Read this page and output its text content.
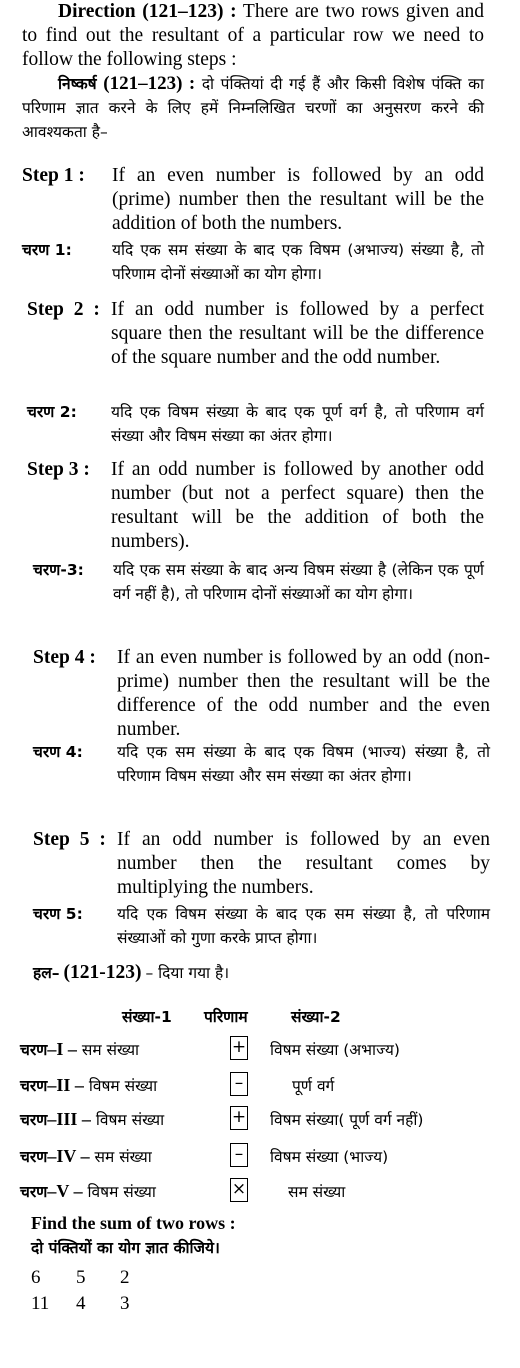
Direction (121–123) : There are two rows given and to find out the resultant of a particular row we need to follow the following steps :

निष्कर्ष (121–123) : दो पंक्तियां दी गई हैं और किसी विशेष पंक्ति का परिणाम ज्ञात करने के लिए हमें निम्नलिखित चरणों का अनुसरण करने की आवश्यकता है–

Step 1 : If an even number is followed by an odd (prime) number then the resultant will be the addition of both the numbers.
चरण 1:	यदि एक सम संख्या के बाद एक विषम (अभाज्य) संख्या है, तो परिणाम दोनों संख्याओं का योग होगा।
Step 2 : If an odd number is followed by a perfect square then the resultant will be the difference of the square number and the odd number.
चरण 2: यदि एक विषम संख्या के बाद एक पूर्ण वर्ग है, तो परिणाम वर्ग संख्या और विषम संख्या का अंतर होगा।
Step 3 : If an odd number is followed by another odd number (but not a perfect square) then the resultant will be the addition of both the numbers).
चरण-3: यदि एक सम संख्या के बाद अन्य विषम संख्या है (लेकिन एक पूर्ण वर्ग नहीं है), तो परिणाम दोनों संख्याओं का योग होगा।
Step 4 : If an even number is followed by an odd (non-prime) number then the resultant will be the difference of the odd number and the even number.
चरण 4: यदि एक सम संख्या के बाद एक विषम (भाज्य) संख्या है, तो परिणाम विषम संख्या और सम संख्या का अंतर होगा।
Step 5 : If an odd number is followed by an even number then the resultant comes by multiplying the numbers.
चरण 5: यदि एक विषम संख्या के बाद एक सम संख्या है, तो परिणाम संख्याओं को गुणा करके प्राप्त होगा।
हल– (121-123) – दिया गया है।
संख्या-1 परिणाम	संख्या-2
चरण–I – सम संख्या	+ विषम संख्या (अभाज्य)
चरण–II – विषम संख्या	–	पूर्ण वर्ग
चरण–III – विषम संख्या	+ विषम संख्या( पूर्ण वर्ग नहीं)
चरण–IV – सम संख्या	–	विषम संख्या (भाज्य)
चरण–V – विषम संख्या	×	सम संख्या
Find the sum of two rows :
दो पंक्तियों का योग ज्ञात कीजिये।
6 5 2
11 4 3
